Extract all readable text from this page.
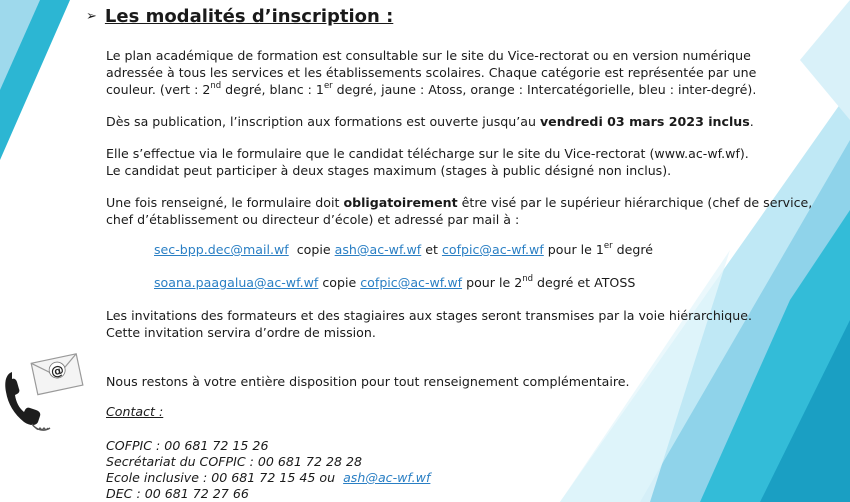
➢ Les modalités d’inscription :
Le plan académique de formation est consultable sur le site du Vice-rectorat ou en version numérique adressée à tous les services et les établissements scolaires. Chaque catégorie est représentée par une couleur. (vert : 2nd degré, blanc : 1er degré, jaune : Atoss, orange : Intercatégorielle, bleu : inter-degré).
Dès sa publication, l’inscription aux formations est ouverte jusqu’au vendredi 03 mars 2023 inclus.
Elle s’effectue via le formulaire que le candidat télécharge sur le site du Vice-rectorat (www.ac-wf.wf).
Le candidat peut participer à deux stages maximum (stages à public désigné non inclus).
Une fois renseigné, le formulaire doit obligatoirement être visé par le supérieur hiérarchique (chef de service, chef d’établissement ou directeur d’école) et adressé par mail à :
sec-bpp.dec@mail.wf  copie ash@ac-wf.wf et cofpic@ac-wf.wf pour le 1er degré
soana.paagalua@ac-wf.wf copie cofpic@ac-wf.wf pour le 2nd degré et ATOSS
Les invitations des formateurs et des stagiaires aux stages seront transmises par la voie hiérarchique. Cette invitation servira d’ordre de mission.
Nous restons à votre entière disposition pour tout renseignement complémentaire.
Contact :
COFPIC : 00 681 72 15 26
Secrétariat du COFPIC : 00 681 72 28 28
Ecole inclusive : 00 681 72 15 45 ou  ash@ac-wf.wf
DEC : 00 681 72 27 66
@
